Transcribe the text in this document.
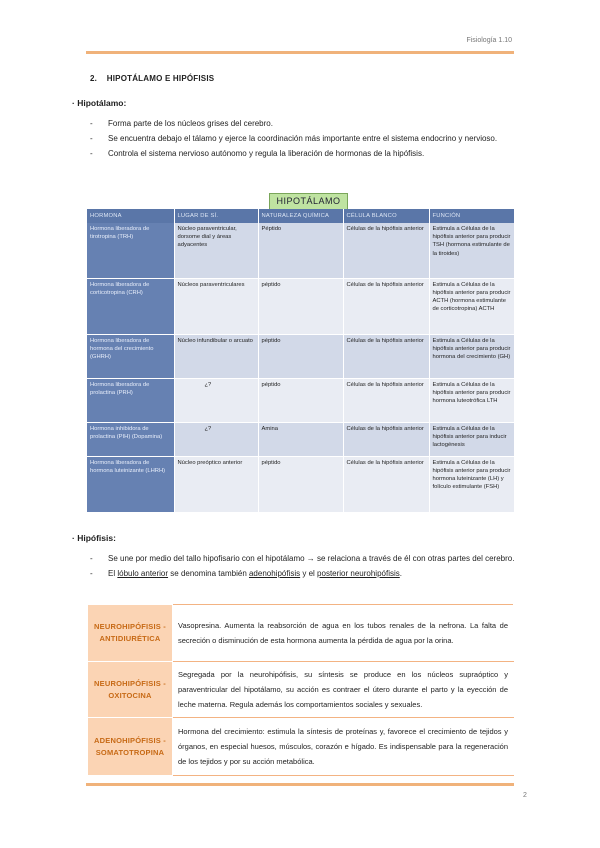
Fisiología 1.10
2.    HIPOTÁLAMO E HIPÓFISIS
· Hipotálamo:
- Forma parte de los núcleos grises del cerebro.
- Se encuentra debajo el tálamo y ejerce la coordinación más importante entre el sistema endocrino y nervioso.
- Controla el sistema nervioso autónomo y regula la liberación de hormonas de la hipófisis.
HIPOTÁLAMO
HORMONA	LUGAR DE SÍ.	NATURALEZA QUÍMICA	CÉLULA BLANCO	FUNCIÓN
Hormona liberadora de tirotropina (TRH)	Núcleo paraventricular, dorsome dial y áreas adyacentes	Péptido	Células de la hipófisis anterior	Estimula a Células de la hipófisis anterior para producir TSH (hormona estimulante de la tiroides)
Hormona liberadora de corticotropina (CRH)	Núcleos paraventriculares	péptido	Células de la hipófisis anterior	Estimula a Células de la hipófisis anterior para producir ACTH (hormona estimulante de corticotropina) ACTH
Hormona liberadora de hormona del crecimiento (GHRH)	Núcleo infundibular o arcuato	péptido	Células de la hipófisis anterior	Estimula a Células de la hipófisis anterior para producir hormona del crecimiento (GH)
Hormona liberadora de prolactina (PRH)	¿?	péptido	Células de la hipófisis anterior	Estimula a Células de la hipófisis anterior para producir hormona luteotrófica LTH
Hormona inhibidora de prolactina (PIH) (Dopamina)	¿?	Amina	Células de la hipófisis anterior	Estimula a Células de la hipófisis anterior para inducir lactogénesis
Hormona liberadora de hormona luteinizante (LHRH)	Núcleo preóptico anterior	péptido	Células de la hipófisis anterior	Estimula a Células de la hipófisis anterior para producir hormona luteinizante (LH) y folículo estimulante (FSH)
· Hipófisis:
- Se une por medio del tallo hipofisario con el hipotálamo → se relaciona a través de él con otras partes del cerebro.
- El lóbulo anterior se denomina también adenohipófisis y el posterior neurohipófisis.
NEUROHIPÓFISIS - ANTIDIURÉTICA	Vasopresina. Aumenta la reabsorción de agua en los tubos renales de la nefrona. La falta de secreción o disminución de esta hormona aumenta la pérdida de agua por la orina.
NEUROHIPÓFISIS - OXITOCINA	Segregada por la neurohipófisis, su síntesis se produce en los núcleos supraóptico y paraventricular del hipotálamo, su acción es contraer el útero durante el parto y la eyección de leche materna. Regula además los comportamientos sociales y sexuales.
ADENOHIPÓFISIS - SOMATOTROPINA	Hormona del crecimiento: estimula la síntesis de proteínas y, favorece el crecimiento de tejidos y órganos, en especial huesos, músculos, corazón e hígado. Es indispensable para la regeneración de los tejidos y por su acción metabólica.
2
